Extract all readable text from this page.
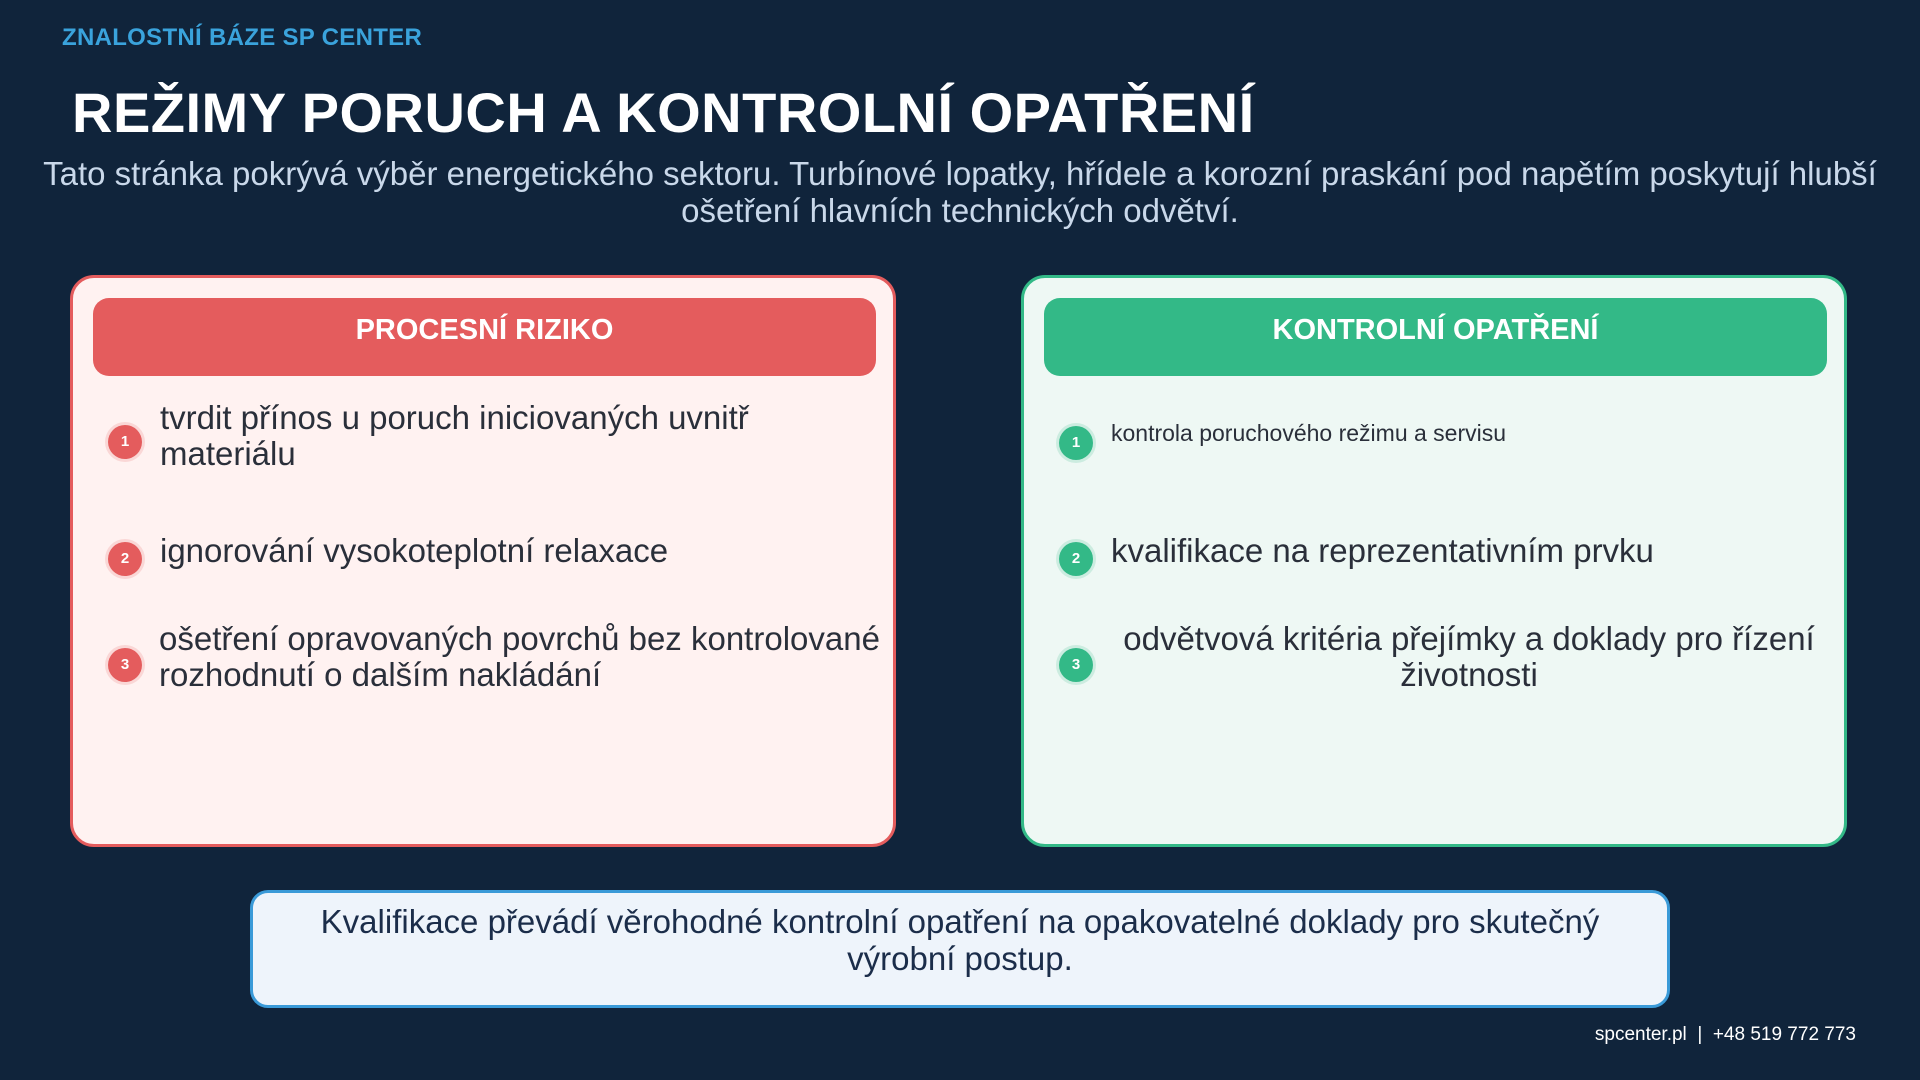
ZNALOSTNÍ BÁZE SP CENTER
REŽIMY PORUCH A KONTROLNÍ OPATŘENÍ
Tato stránka pokrývá výběr energetického sektoru. Turbínové lopatky, hřídele a korozní praskání pod napětím poskytují hlubší
ošetření hlavních technických odvětví.
PROCESNÍ RIZIKO
1
tvrdit přínos u poruch iniciovaných uvnitř
materiálu
2 ignorování vysokoteplotní relaxace
3
ošetření opravovaných povrchů bez kontrolované
rozhodnutí o dalším nakládání
KONTROLNÍ OPATŘENÍ
1	kontrola poruchového režimu a servisu
2 kvalifikace na reprezentativním prvku
3
odvětvová kritéria přejímky a doklady pro řízení
životnosti
Kvalifikace převádí věrohodné kontrolní opatření na opakovatelné doklady pro skutečný
výrobní postup.
spcenter.pl  |  +48 519 772 773
